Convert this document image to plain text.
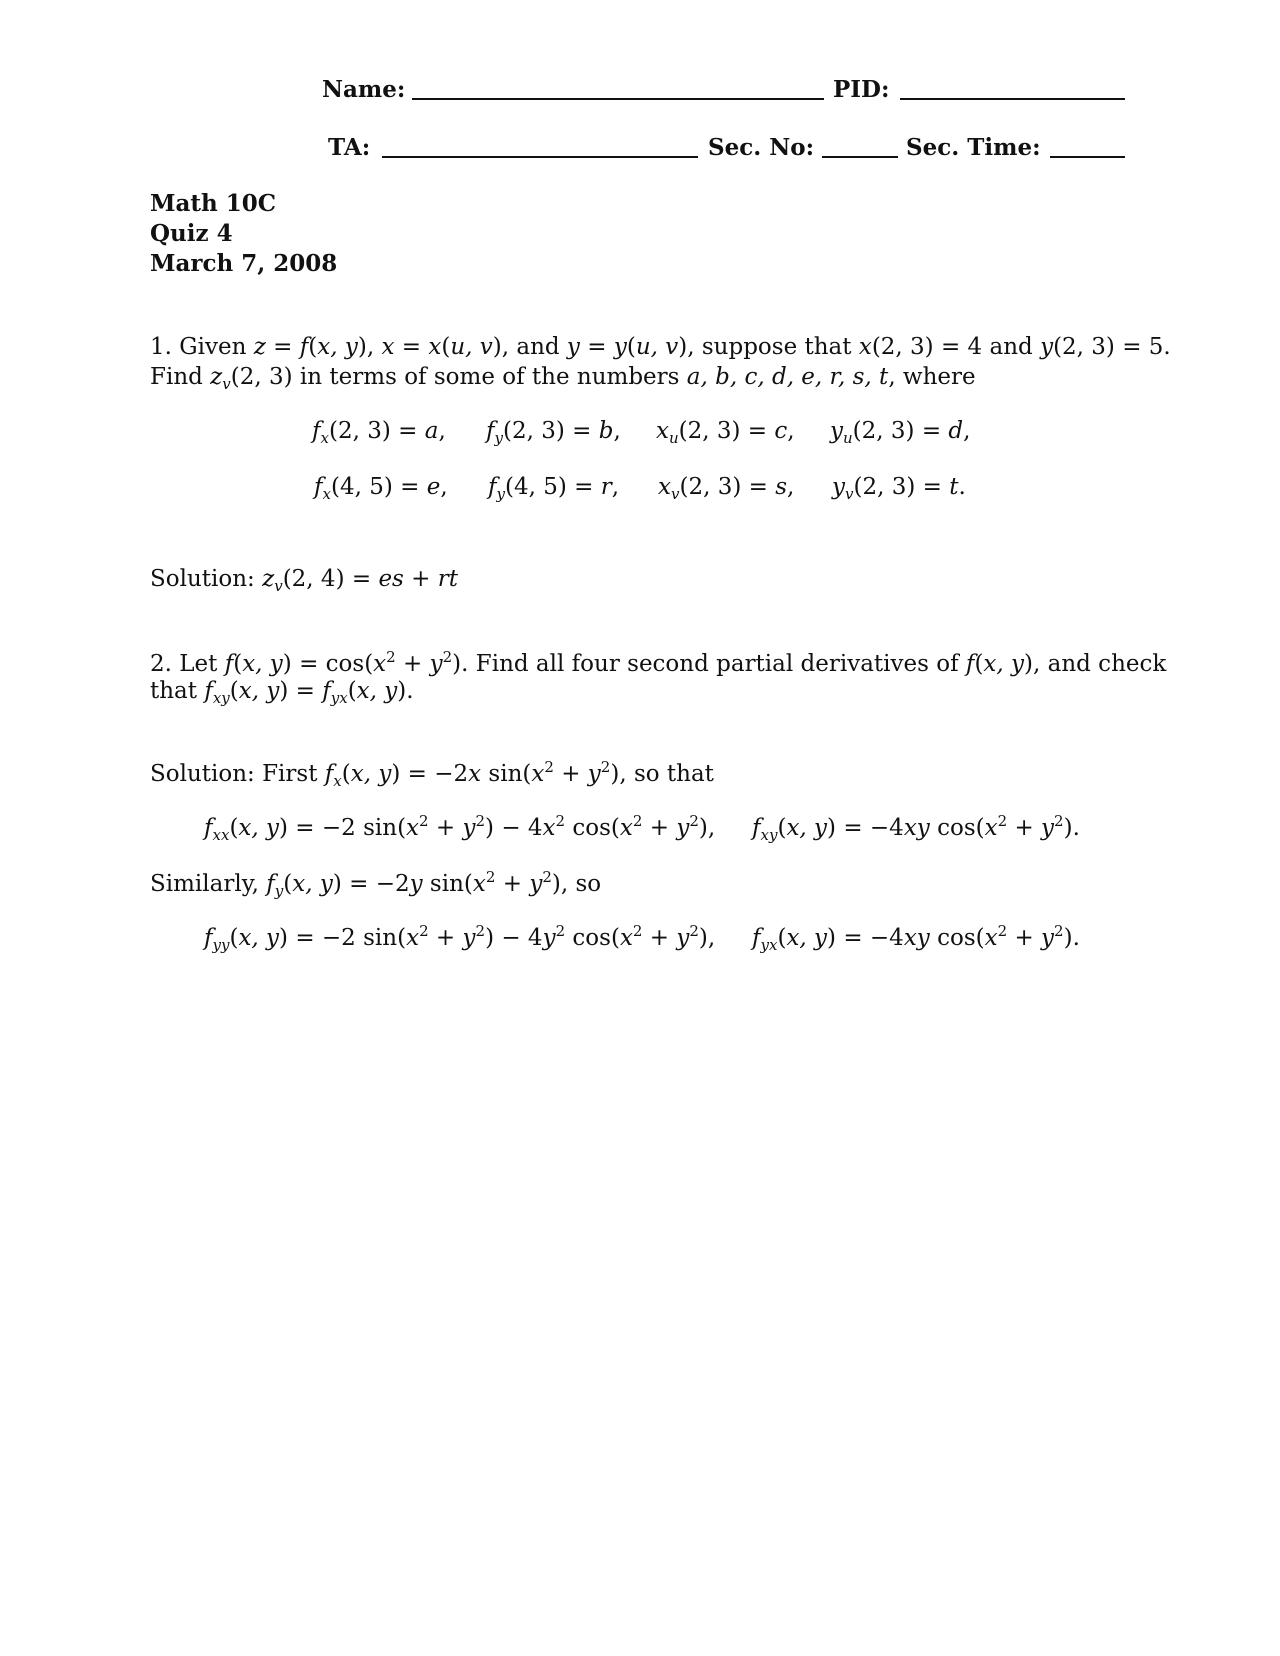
Name:	PID:
TA:	Sec. No:	Sec. Time:
Math 10C
Quiz 4
March 7, 2008
1. Given z = f(x, y), x = x(u, v), and y = y(u, v), suppose that x(2, 3) = 4 and y(2, 3) = 5.
Find $z_v(2$, 3) in terms of some of the numbers a, b, c, d, e, r, s, t, where
$f_x(2$, 3) = a, $f_y(2$, 3) = b, $x_u(2$, 3) = c, $y_u(2$, 3) = d,
$f_x(4$, 5) = e, $f_y(4$, 5) = r, $x_v(2$, 3) = s, $y_v(2$, 3) = t.
Solution: $z_v(2$, 4) = es + rt
2. Let f(x, $y) = \cos(x^2 + y^2)$. Find all four second partial derivatives of f(x, y), and check
that $f_{xy}(x$, $y) = f_{yx}(x$, y).
Solution: First $f_x(x$, y) = −2x $\sin(x^2 + y^2)$, so that
$f_{xx}(x$, y) = −2 $\sin(x^2 + y^2) - 4x^2$ $\cos(x^2 + y^2)$, $f_{xy}(x$, y) = −4xy $\cos(x^2 + y^2)$.
Similarly, $f_y(x$, y) = −2y $\sin(x^2 + y^2)$, so
$f_{yy}(x$, y) = −2 $\sin(x^2 + y^2) - 4y^2$ $\cos(x^2 + y^2)$, $f_{yx}(x$, y) = −4xy $\cos(x^2 + y^2)$.
